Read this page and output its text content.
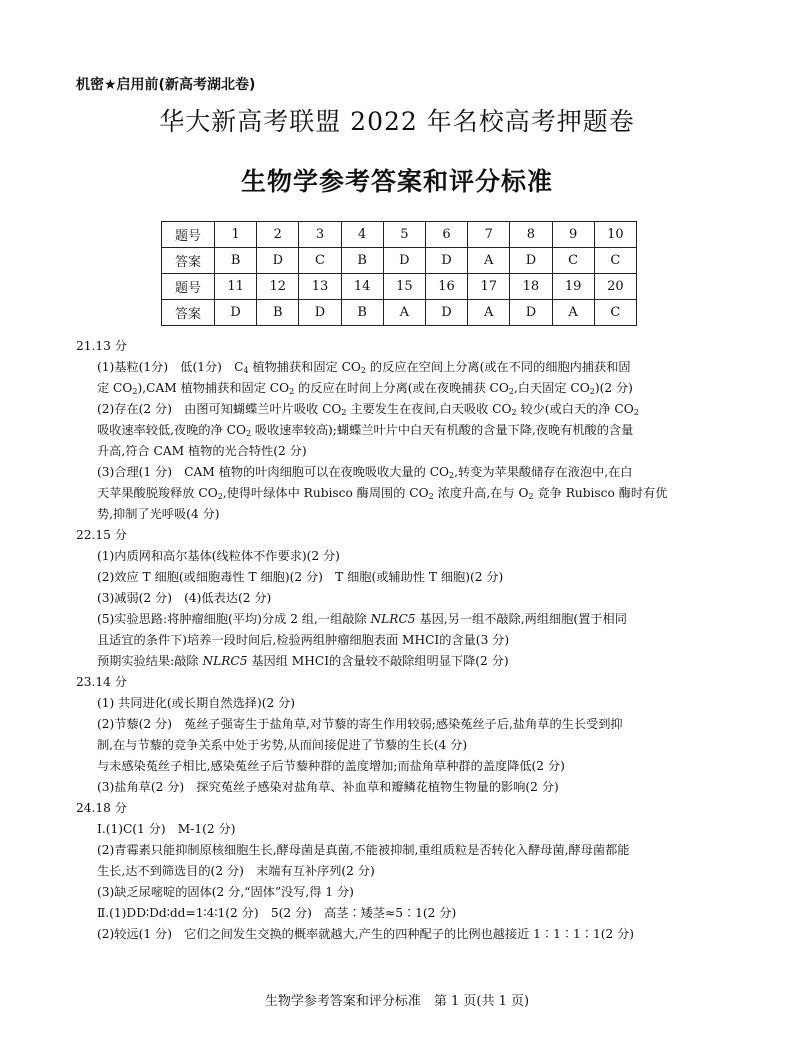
机密★启用前(新高考湖北卷)
华大新高考联盟 2022 年名校高考押题卷
生物学参考答案和评分标准
题号	1	2	3	4	5	6	7	8	9	10
答案	B	D	C	B	D	D	A	D	C	C
题号	11	12	13	14	15	16	17	18	19	20
答案	D	B	D	B	A	D	A	D	A	C
21.13 分
(1)基粒(1分)　低(1分)　$C_4$ 植物捕获和固定 $CO_2$ 的反应在空间上分离(或在不同的细胞内捕获和固
定 $CO_2),CAM$ 植物捕获和固定 $CO_2$ 的反应在时间上分离(或在夜晚捕获 $CO_2$,白天固定 $CO_2)(2$ 分)
(2)存在(2 分)　由图可知蝴蝶兰叶片吸收 $CO_2$ 主要发生在夜间,白天吸收 $CO_2$ 较少(或白天的净 $CO_2$
吸收速率较低,夜晚的净 $CO_2$ 吸收速率较高);蝴蝶兰叶片中白天有机酸的含量下降,夜晚有机酸的含量
升高,符合 CAM 植物的光合特性(2 分)
(3)合理(1 分)　CAM 植物的叶肉细胞可以在夜晚吸收大量的 $CO_2$,转变为苹果酸储存在液泡中,在白
天苹果酸脱羧释放 $CO_2$,使得叶绿体中 Rubisco 酶周围的 $CO_2$ 浓度升高,在与 $O_2$ 竞争 Rubisco 酶时有优
势,抑制了光呼吸(4 分)
22.15 分
(1)内质网和高尔基体(线粒体不作要求)(2 分)
(2)效应 T 细胞(或细胞毒性 T 细胞)(2 分)　T 细胞(或辅助性 T 细胞)(2 分)
(3)减弱(2 分)　(4)低表达(2 分)
(5)实验思路:将肿瘤细胞(平均)分成 2 组,一组敲除 NLRC5 基因,另一组不敲除,两组细胞(置于相同
且适宜的条件下)培养一段时间后,检验两组肿瘤细胞表面 MHCⅠ的含量(3 分)
预期实验结果:敲除 NLRC5 基因组 MHCⅠ的含量较不敲除组明显下降(2 分)
23.14 分
(1) 共同进化(或长期自然选择)(2 分)
(2)节藜(2 分)　菟丝子强寄生于盐角草,对节藜的寄生作用较弱;感染菟丝子后,盐角草的生长受到抑
制,在与节藜的竞争关系中处于劣势,从而间接促进了节藜的生长(4 分)
与未感染菟丝子相比,感染菟丝子后节藜种群的盖度增加;而盐角草种群的盖度降低(2 分)
(3)盐角草(2 分)　探究菟丝子感染对盐角草、补血草和瓣鳞花植物生物量的影响(2 分)
24.18 分
Ⅰ.(1)C(1 分)　M-1(2 分)
(2)青霉素只能抑制原核细胞生长,酵母菌是真菌,不能被抑制,重组质粒是否转化入酵母菌,酵母菌都能
生长,达不到筛选目的(2 分)　末端有互补序列(2 分)
(3)缺乏尿嘧啶的固体(2 分,“固体”没写,得 1 分)
Ⅱ.(1)DD∶Dd∶dd=1∶4∶1(2 分)　5(2 分)　高茎∶矮茎≈5∶1(2 分)
(2)较远(1 分)　它们之间发生交换的概率就越大,产生的四种配子的比例也越接近 1∶1∶1∶1(2 分)
生物学参考答案和评分标准　第 1 页(共 1 页)
